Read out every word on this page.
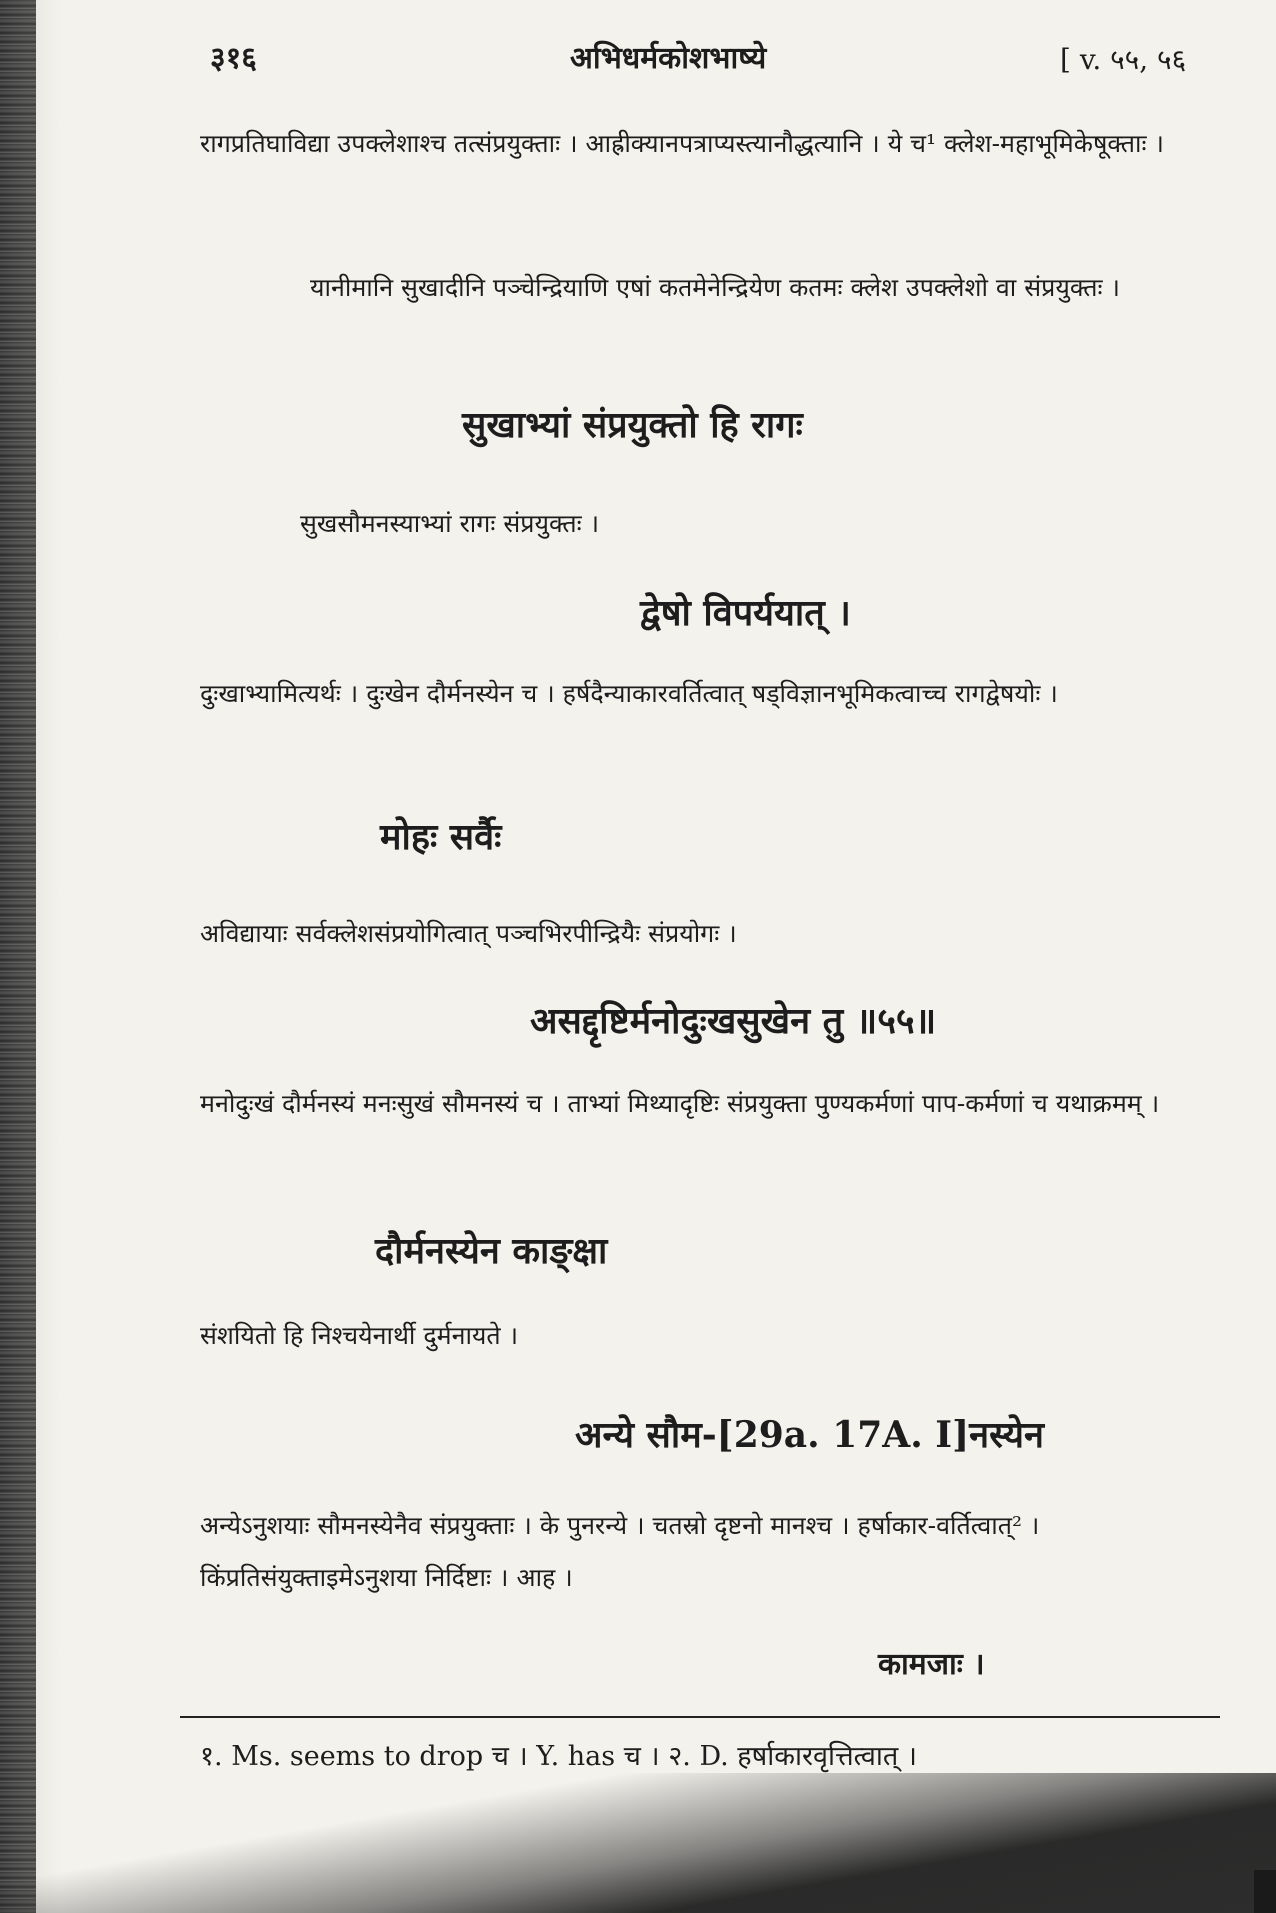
३१६	अभिधर्मकोशभाष्ये	[ v. ५५, ५६
रागप्रतिघाविद्या उपक्लेशाश्च तत्संप्रयुक्ताः । आह्रीक्यानपत्राप्यस्त्यानौद्धत्यानि । ये च¹ क्लेश-महाभूमिकेषूक्ताः ।
यानीमानि सुखादीनि पञ्चेन्द्रियाणि एषां कतमेनेन्द्रियेण कतमः क्लेश उपक्लेशो वा संप्रयुक्तः ।
सुखाभ्यां संप्रयुक्तो हि रागः
सुखसौमनस्याभ्यां रागः संप्रयुक्तः ।
द्वेषो विपर्ययात् ।
दुःखाभ्यामित्यर्थः । दुःखेन दौर्मनस्येन च । हर्षदैन्याकारवर्तित्वात् षड्विज्ञानभूमिकत्वाच्च रागद्वेषयोः ।
मोहः सर्वैः
अविद्यायाः सर्वक्लेशसंप्रयोगित्वात् पञ्चभिरपीन्द्रियैः संप्रयोगः ।
असद्दृष्टिर्मनोदुःखसुखेन तु ॥५५॥
मनोदुःखं दौर्मनस्यं मनःसुखं सौमनस्यं च । ताभ्यां मिथ्यादृष्टिः संप्रयुक्ता पुण्यकर्मणां पाप-कर्मणां च यथाक्रमम् ।
दौर्मनस्येन काङ्क्षा
संशयितो हि निश्चयेनार्थी दुर्मनायते ।
अन्ये सौम-[29a. 17A. I]नस्येन
अन्येऽनुशयाः सौमनस्येनैव संप्रयुक्ताः । के पुनरन्ये । चतस्रो दृष्टनो मानश्च । हर्षाकार-वर्तित्वात्² । किंप्रतिसंयुक्ताइमेऽनुशया निर्दिष्टाः । आह ।
कामजाः ।
१. Ms. seems to drop च । Y. has च । २. D. हर्षाकारवृत्तित्वात् ।
